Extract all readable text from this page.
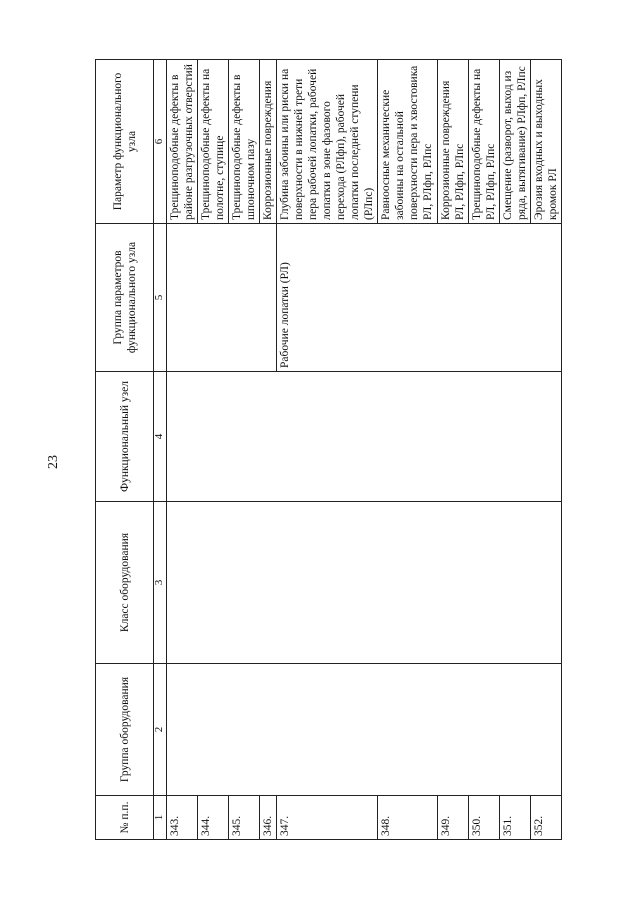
23
№ п.п.	Группа оборудования	Класс оборудования	Функциональный узел	Группа параметров функционального узла	Параметр функционального узла
1	2	3	4	5	6
343.					Трещиноподобные дефекты в районе разгрузочных отверстий
344.					Трещиноподобные дефекты на полотне, ступице
345.					Трещиноподобные дефекты в шпоночном пазу
346.					Коррозионные повреждения
347.				Рабочие лопатки (РЛ)	Глубина забоины или риски на поверхности в нижней трети пера рабочей лопатки, рабочей лопатки в зоне фазового перехода (РЛфп), рабочей лопатки последней ступени (РЛпс)
348.					Равноосные механические забоины на остальной поверхности пера и хвостовика РЛ, РЛфп, РЛпс
349.					Коррозионные повреждения РЛ, РЛфп, РЛпс
350.					Трещиноподобные дефекты на РЛ, РЛфп, РЛпс
351.					Смещение (разворот, выход из ряда, вытягивание) РЛфп, РЛпс
352.					Эрозия входных и выходных кромок РЛ
